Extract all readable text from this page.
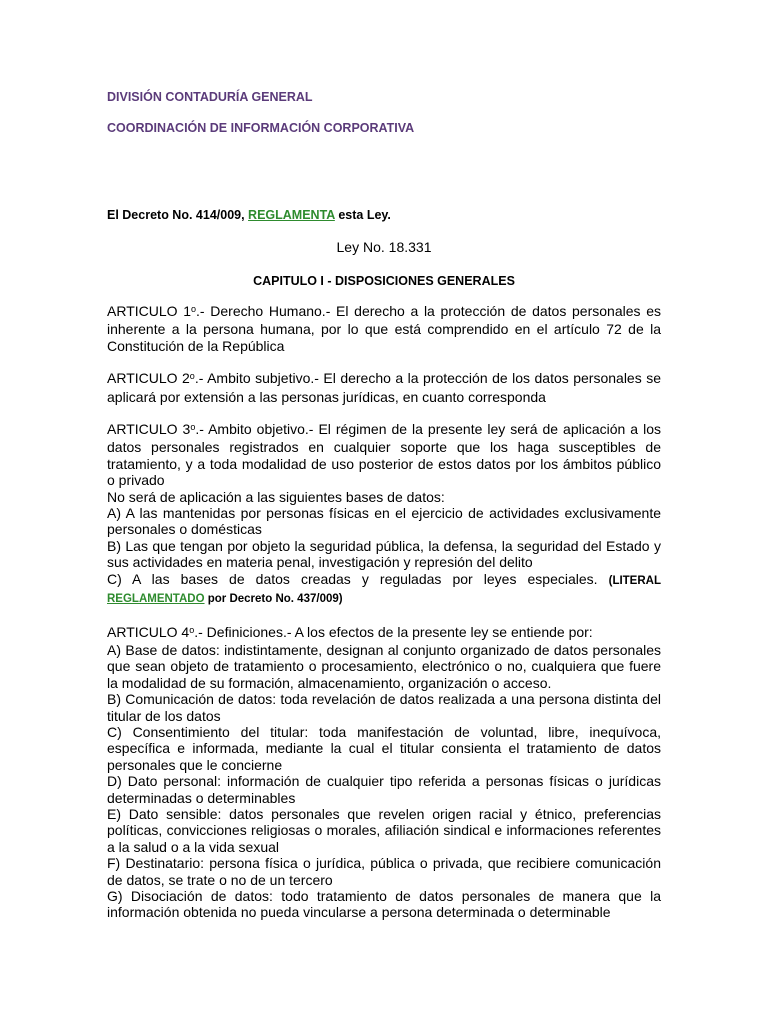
DIVISIÓN CONTADURÍA GENERAL

COORDINACIÓN DE INFORMACIÓN CORPORATIVA

El Decreto No. 414/009, REGLAMENTA esta Ley.

Ley No. 18.331

CAPITULO I - DISPOSICIONES GENERALES

ARTICULO 1$^o$.- Derecho Humano.- El derecho a la protección de datos personales es inherente a la persona humana, por lo que está comprendido en el artículo 72 de la Constitución de la República

ARTICULO 2$^o$.- Ambito subjetivo.- El derecho a la protección de los datos personales se aplicará por extensión a las personas jurídicas, en cuanto corresponda

ARTICULO 3$^o$.- Ambito objetivo.- El régimen de la presente ley será de aplicación a los datos personales registrados en cualquier soporte que los haga susceptibles de tratamiento, y a toda modalidad de uso posterior de estos datos por los ámbitos público o privado

No será de aplicación a las siguientes bases de datos:

A) A las mantenidas por personas físicas en el ejercicio de actividades exclusivamente personales o domésticas

B) Las que tengan por objeto la seguridad pública, la defensa, la seguridad del Estado y sus actividades en materia penal, investigación y represión del delito

C) A las bases de datos creadas y reguladas por leyes especiales. (LITERAL REGLAMENTADO por Decreto No. 437/009)

ARTICULO 4$^o$.- Definiciones.- A los efectos de la presente ley se entiende por:

A) Base de datos: indistintamente, designan al conjunto organizado de datos personales que sean objeto de tratamiento o procesamiento, electrónico o no, cualquiera que fuere la modalidad de su formación, almacenamiento, organización o acceso.

B) Comunicación de datos: toda revelación de datos realizada a una persona distinta del titular de los datos

C) Consentimiento del titular: toda manifestación de voluntad, libre, inequívoca, específica e informada, mediante la cual el titular consienta el tratamiento de datos personales que le concierne

D) Dato personal: información de cualquier tipo referida a personas físicas o jurídicas determinadas o determinables

E) Dato sensible: datos personales que revelen origen racial y étnico, preferencias políticas, convicciones religiosas o morales, afiliación sindical e informaciones referentes a la salud o a la vida sexual

F) Destinatario: persona física o jurídica, pública o privada, que recibiere comunicación de datos, se trate o no de un tercero

G) Disociación de datos: todo tratamiento de datos personales de manera que la información obtenida no pueda vincularse a persona determinada o determinable
